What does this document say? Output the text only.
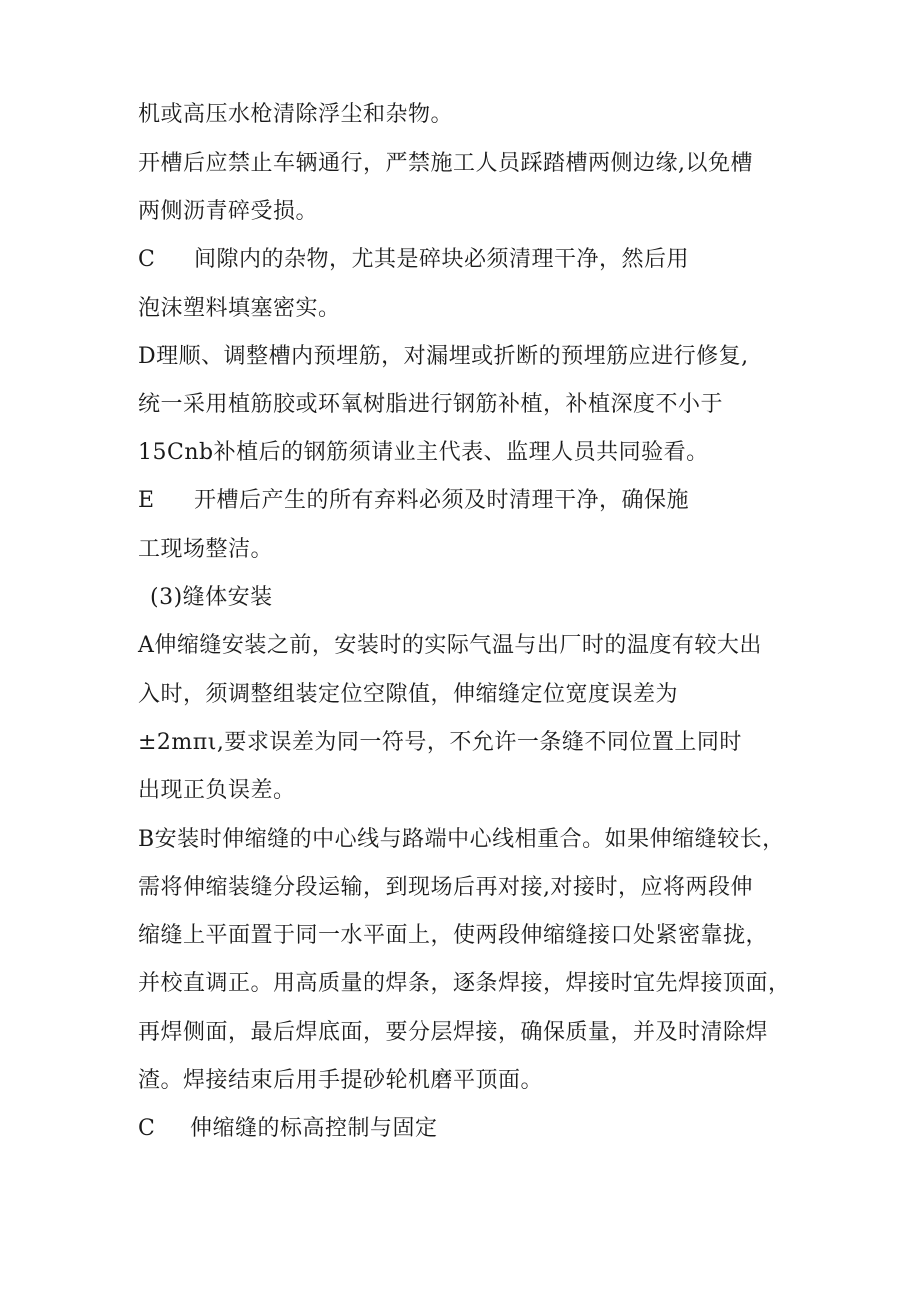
机或高压水枪清除浮尘和杂物。
开槽后应禁止车辆通行，严禁施工人员踩踏槽两侧边缘,以免槽
两侧沥青碎受损。
C 间隙内的杂物，尤其是碎块必须清理干净，然后用
泡沫塑料填塞密实。
D理顺、调整槽内预埋筋，对漏埋或折断的预埋筋应进行修复,
统一采用植筋胶或环氧树脂进行钢筋补植，补植深度不小于
15Cnb补植后的钢筋须请业主代表、监理人员共同验看。
E 开槽后产生的所有弃料必须及时清理干净，确保施
工现场整洁。
(3)缝体安装
A伸缩缝安装之前，安装时的实际气温与出厂时的温度有较大出
入时，须调整组装定位空隙值，伸缩缝定位宽度误差为
±2mπι,要求误差为同一符号，不允许一条缝不同位置上同时
出现正负误差。
B安装时伸缩缝的中心线与路端中心线相重合。如果伸缩缝较长，
需将伸缩装缝分段运输，到现场后再对接,对接时，应将两段伸
缩缝上平面置于同一水平面上，使两段伸缩缝接口处紧密靠拢，
并校直调正。用高质量的焊条，逐条焊接，焊接时宜先焊接顶面，
再焊侧面，最后焊底面，要分层焊接，确保质量，并及时清除焊
渣。焊接结束后用手提砂轮机磨平顶面。
C 伸缩缝的标高控制与固定
